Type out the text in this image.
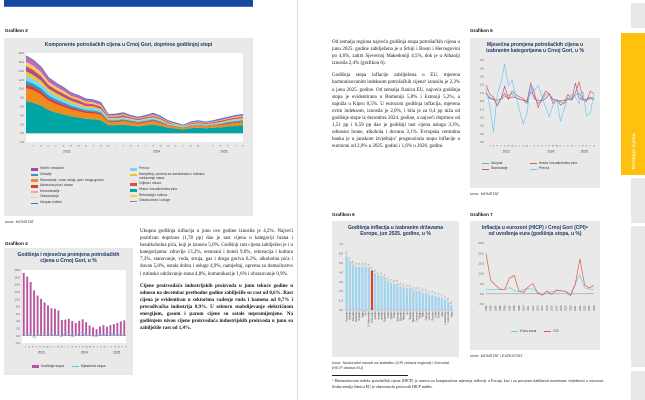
Grafikon 3
Komponente potrošačkih cijena u Crnoj Gori, doprinos godišnjoj stopi
18.0
16.0
14.0
12.0
10.0
8.0
6.0
4.0
2.0
0.0
-2.0
I	II	III	IV	V	VI	VII	VIII	IX	X	XI	XII	I	II	III	IV	V	VI	VII	VIII	IX	X	XI	XII	I	II	III	IV	V	VI
2023.	2024.	2025.
Hoteli i restorani
Zdravlje
Stanovanje, voda, struja, gas i druga goriva
Alkoholna pića i duvan
Komunikacije
Obrazovanje
Ukupan indeks
Prevoz
Namještaj, oprema za domaćinstvo i rutinsko održavanje stana
Odjeća i obuća
Hrana i bezalkoholna pića
Rekreacija i kultura
Ostala dobra i usluge
Izvor: MONSTAT
Grafikon 4
Godišnja i mjesečna promjena potrošačkih cijena u Crnoj Gori, u %
18.0
16.0
14.0
12.0
10.0
8.0
6.0
4.0
2.0
0.0
-2.0
I II III IV	V	VI VII VIII IX	X	XI XII I II III IV	V	VI VII VIII IX	X	XI XII I II III IV	V	VI
2023.	2024.	2025.
Godišnja stopa	Mjesečna stopa

Ukupna godišnja inflacija u junu ove godine iznosila je 4,2%. Najveći pozitivan doprinos (1,78 pp) dao je rast cijena u kategoriji hrana i bezalkoholna pića, koji je iznosio 5,0%. Godišnji rast cijena zabilježen je i u kategorijama: zdravlje 13,2%, restorani i hoteli 9,0%, rekreacija i kultura 7,3%, stanovanje, voda, struja, gas i druga goriva 6,2%, alkoholna pića i duvan 5,8%, ostala dobra i usluge 4,9%, namještaj, oprema za domaćinstvo i rutinsko održavanje stana 4,8%, komunikacije 1,6% i obrazovanje 0,9%.

Cijene proizvođača industrijskih proizvoda u junu tekuće godine u odnosu na decembar prethodne godine zabilježile su rast od 0,6%. Rast cijena je evidentiran u sektorima vađenje ruda i kamena od 0,7% i prerađivačka industrija 0,9%. U sektoru snabdijevanje električnom energijom, gasom i parom cijene su ostale nepromijenjene. Na godišnjem nivou cijene proizvođača industrijskih proizvoda u junu su zabilježile rast od 1,4%.

Od zemalja regiona najveća godišnja stopa potrošačkih cijena u junu 2025. godine zabilježena je u Srbiji i Bosni i Hercegovini po 4,6%, zatim Sjevernoj Makedoniji 4,5%, dok je u Albaniji iznosila 2,4% (grafikon 6).

Godišnja stopa inflacije zabilježena u EU, mjerena harmonizovanim indeksom potrošačkih cijena⁶ iznosila je 2,3% u junu 2025. godine. Od zemalja članica EU, najveća godišnja stopa je evidentirana u Rumuniji 5,8% i Estoniji 5,2%, a najniža u Kipru 0,5%. U eurozoni godišnja inflacija, mjerena ovim indeksom, iznosila je 2,0%, i bila je za 0,4 pp niža od godišnje stope iz decembra 2024. godine, a najveći doprinos od 1,51 pp i 0,59 pp dao je godišnji rast cijena usluga 3,3%, odnosno hrane, alkohola i duvana 3,1%. Evropska centralna banka je u junskom izvještaju⁷ prognozirala stopu inflacije u eurozoni od 2,0% u 2025. godini i 1,6% u 2026. godini.

Grafikon 5
Mjesečna promjena potrošačkih cijena u izabranim kategorijama u Crnoj Gori, u %
5.0
4.0
3.0
2.0
1.0
0.0
-1.0
-2.0
-3.0
-4.0
-5.0
I II III IV	V	VI VII VIII IX	X	XI XII I II III IV	V	VI VII VIII IX	X	XI XII I II III IV	V	VI
2023.	2024.	2025.
Ukupna	Hrana i bezalkoholna pića
Stanovanje	Prevoz
Izvor: MONSTAT
Grafikon 6
Godišnja inflacija u izabranim državama Evrope, jun 2025. godine, u %
7.0
6.0
5.0
4.0
3.0
2.0
1.0
0.0
Rumunija Estonija Slovačka Mađarska Hrvatska Srbija BiH S. Makedonija Crna Gora Letonija Austrija Litvanija Bugarska Grčka Poljska Češka Holandija Slovenija Albanija EU Španija Njemačka Eurozona Belgija Italija Portugal Danska Švedska Malta Finska Irska Luksemburg Francuska Kipar
5,8
5,2
4,8
4,6 4,6 4,6 4,6 4,5
4,2
3,9
3,7 3,6
3,4
3,1
2,9 2,8 2,8
2,5 2,4 2,3 2,3
2,1 2,0 2,0
1,8 1,8
1,6 1,6 1,5 1,4 1,3
1,1
0,9
0,5
Izvor: Nacionalni zavodi za statistiku (CPI država regiona) i Eurostat (HICP država EU)
Grafikon 7
Inflacija u eurozoni (HICP) i Crnoj Gori (CPI)⁸ od uvođenja eura (godišnja stopa, u %)
25.0
20.0
15.0
10.0
5.0
0.0
-5.0
2002 2003 2004 2005 2006 2007 2008 2009 2010 2011 2012 2013 2014 2015 2016 2017 2018 2019 2020 2021 2022 2023 2024 2025
Euro zona	CG
Izvor: MONSTAT i EUROSTAT
⁶ Harmonizovani indeks potrošačkih cijena (HICP) je osnova za komparativna mjerenja inflacije u Evropi, kao i za procjenu stabilnosti monetarne vrijednosti u eurozoni. Svaka zemlja članica EU je obavezna da proizvodi HICP indeks.
Kretanje cijena
